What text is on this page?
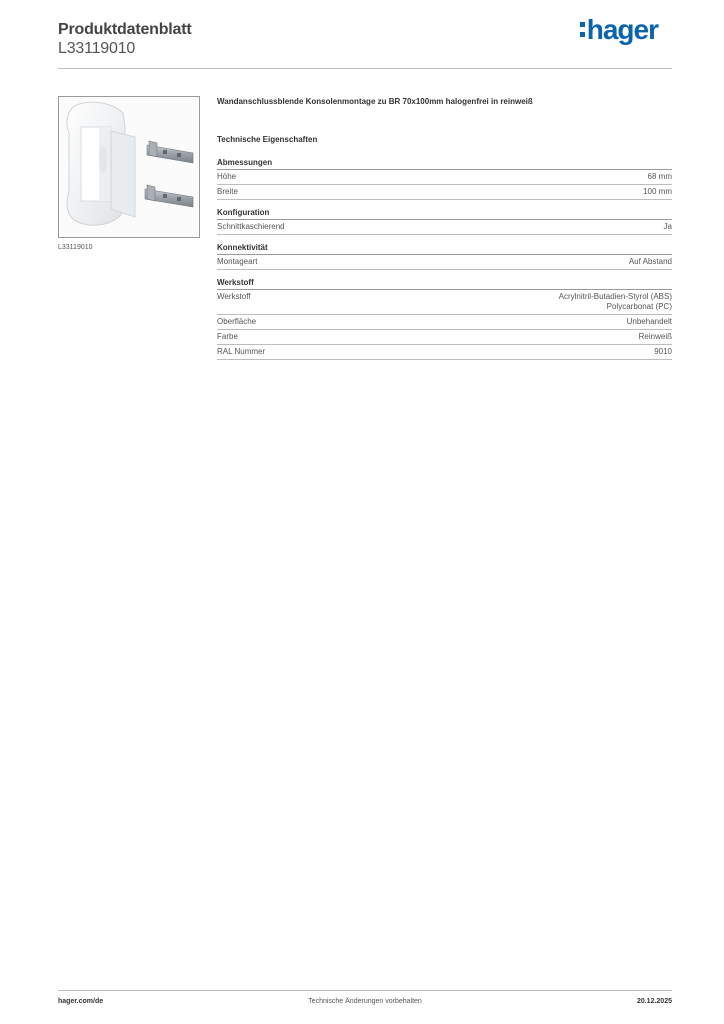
Produktdatenblatt
L33119010
hager
L33119010
Wandanschlussblende Konsolenmontage zu BR 70x100mm halogenfrei in reinweiß
Technische Eigenschaften
Abmessungen
Höhe	68 mm
Breite	100 mm
Konfiguration
Schnittkaschierend	Ja
Konnektivität
Montageart	Auf Abstand
Werkstoff
Werkstoff	Acrylnitril-Butadien-Styrol (ABS)
Polycarbonat (PC)
Oberfläche	Unbehandelt
Farbe	Reinweiß
RAL Nummer	9010
hager.com/de	Technische Änderungen vorbehalten	20.12.2025
